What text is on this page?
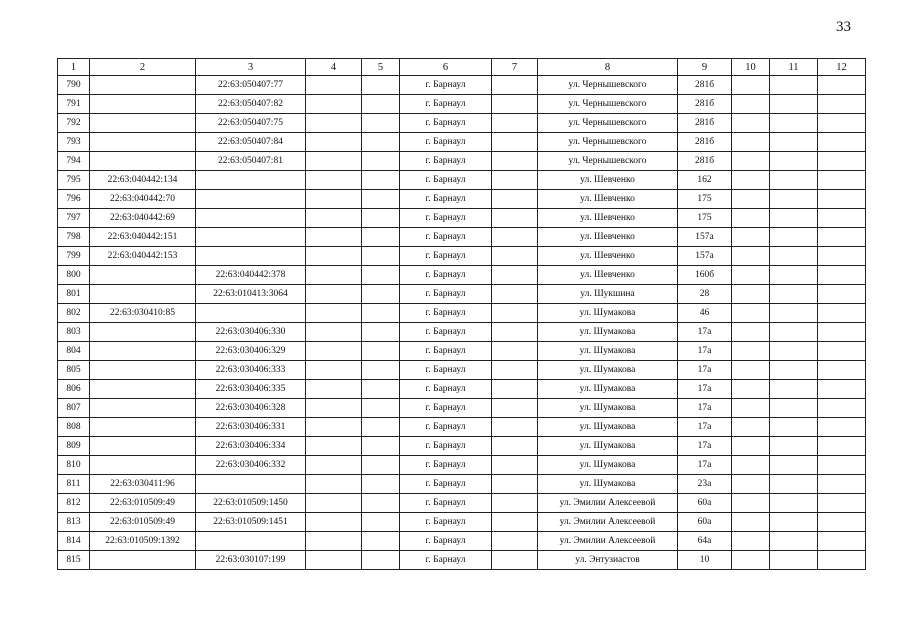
33
1	2	3	4	5	6	7	8	9	10	11	12
790		22:63:050407:77			г. Барнаул		ул. Чернышевского	281б			
791		22:63:050407:82			г. Барнаул		ул. Чернышевского	281б			
792		22:63:050407:75			г. Барнаул		ул. Чернышевского	281б			
793		22:63:050407:84			г. Барнаул		ул. Чернышевского	281б			
794		22:63:050407:81			г. Барнаул		ул. Чернышевского	281б			
795	22:63:040442:134				г. Барнаул		ул. Шевченко	162			
796	22:63:040442:70				г. Барнаул		ул. Шевченко	175			
797	22:63:040442:69				г. Барнаул		ул. Шевченко	175			
798	22:63:040442:151				г. Барнаул		ул. Шевченко	157а			
799	22:63:040442:153				г. Барнаул		ул. Шевченко	157а			
800		22:63:040442:378			г. Барнаул		ул. Шевченко	160б			
801		22:63:010413:3064			г. Барнаул		ул. Шукшина	28			
802	22:63:030410:85				г. Барнаул		ул. Шумакова	46			
803		22:63:030406:330			г. Барнаул		ул. Шумакова	17а			
804		22:63:030406:329			г. Барнаул		ул. Шумакова	17а			
805		22:63:030406:333			г. Барнаул		ул. Шумакова	17а			
806		22:63:030406:335			г. Барнаул		ул. Шумакова	17а			
807		22:63:030406:328			г. Барнаул		ул. Шумакова	17а			
808		22:63:030406:331			г. Барнаул		ул. Шумакова	17а			
809		22:63:030406:334			г. Барнаул		ул. Шумакова	17а			
810		22:63:030406:332			г. Барнаул		ул. Шумакова	17а			
811	22:63:030411:96				г. Барнаул		ул. Шумакова	23а			
812	22:63:010509:49	22:63:010509:1450			г. Барнаул		ул. Эмилии Алексеевой	60а			
813	22:63:010509:49	22:63:010509:1451			г. Барнаул		ул. Эмилии Алексеевой	60а			
814	22:63:010509:1392				г. Барнаул		ул. Эмилии Алексеевой	64а			
815		22:63:030107:199			г. Барнаул		ул. Энтузиастов	10			
